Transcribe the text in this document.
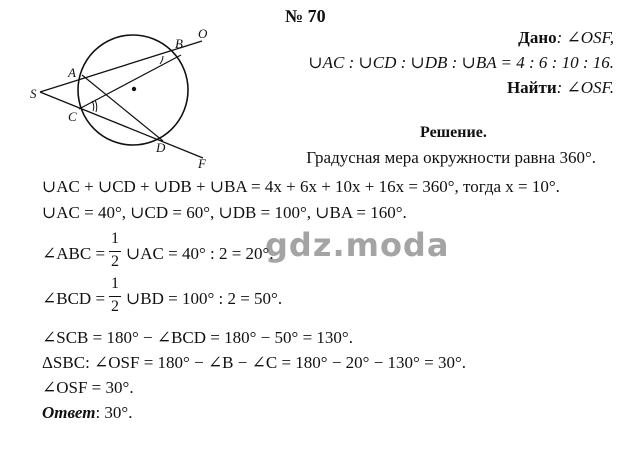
S
A
B
C
D
O
F
№ 70
Дано: ∠OSF,
∪AC : ∪CD : ∪DB : ∪BA = 4 : 6 : 10 : 16.
Найти: ∠OSF.
Решение.
Градусная мера окружности равна 360°.
∪AC + ∪CD + ∪DB + ∪BA = 4x + 6x + 10x + 16x = 360°, тогда x = 10°.
∪AC = 40°, ∪CD = 60°, ∪DB = 100°, ∪BA = 160°.
∠ABC =
1
2 ∪AC = 40° : 2 = 20°.
∠BCD =
1
2 ∪BD = 100° : 2 = 50°.
∠SCB = 180° − ∠BCD = 180° − 50° = 130°.
ΔSBC: ∠OSF = 180° − ∠B − ∠C = 180° − 20° − 130° = 30°.
∠OSF = 30°.
Ответ: 30°.
gdz.moda
